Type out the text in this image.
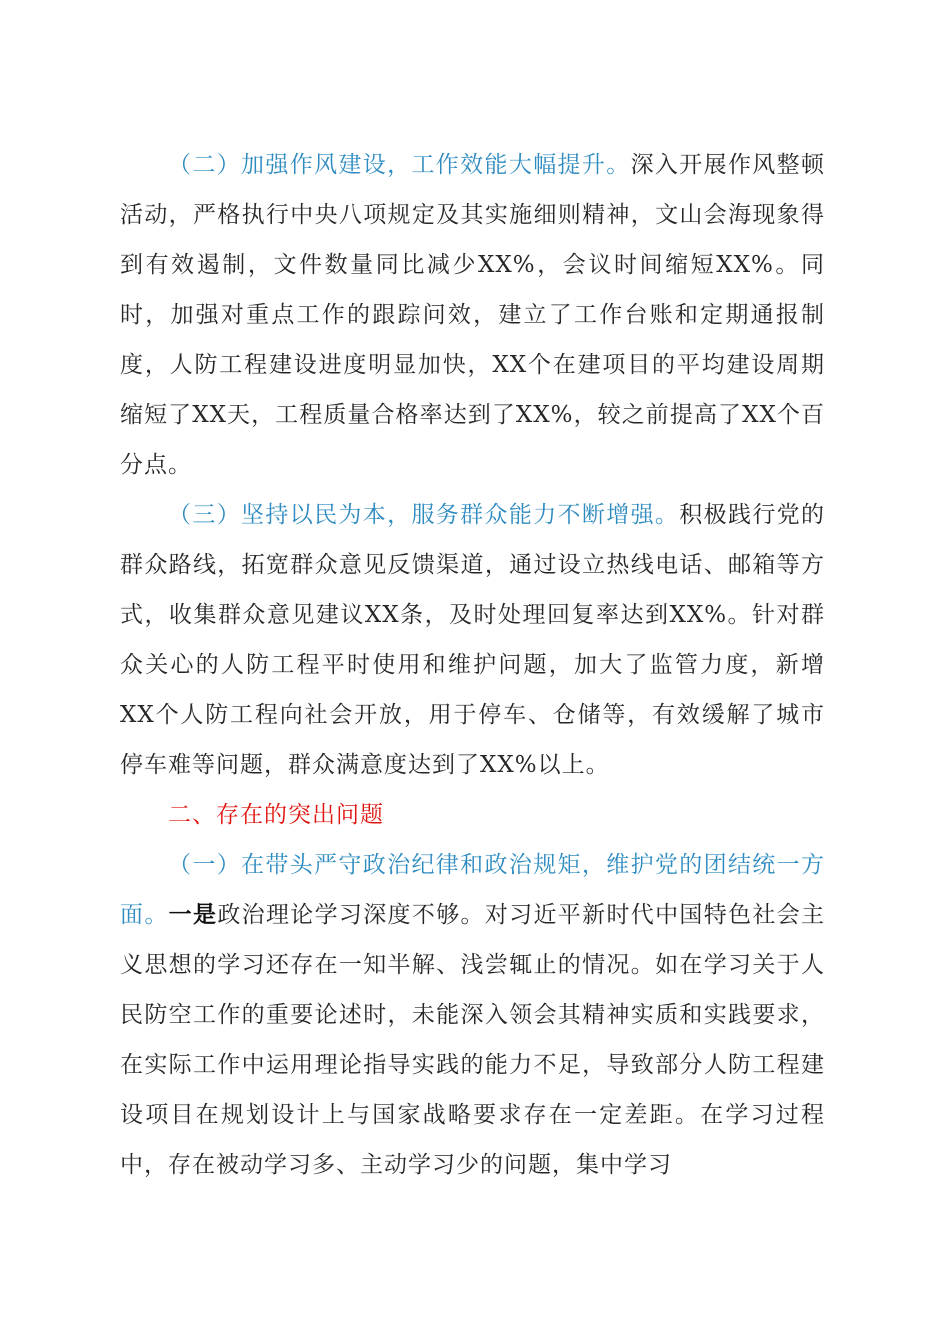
（二）加强作风建设，工作效能大幅提升。深入开展作风整顿活动，严格执行中央八项规定及其实施细则精神，文山会海现象得到有效遏制，文件数量同比减少XX%，会议时间缩短XX%。同时，加强对重点工作的跟踪问效，建立了工作台账和定期通报制度，人防工程建设进度明显加快，XX个在建项目的平均建设周期缩短了XX天，工程质量合格率达到了XX%，较之前提高了XX个百分点。

（三）坚持以民为本，服务群众能力不断增强。积极践行党的群众路线，拓宽群众意见反馈渠道，通过设立热线电话、邮箱等方式，收集群众意见建议XX条，及时处理回复率达到XX%。针对群众关心的人防工程平时使用和维护问题，加大了监管力度，新增XX个人防工程向社会开放，用于停车、仓储等，有效缓解了城市停车难等问题，群众满意度达到了XX%以上。

二、存在的突出问题

（一）在带头严守政治纪律和政治规矩，维护党的团结统一方面。一是政治理论学习深度不够。对习近平新时代中国特色社会主义思想的学习还存在一知半解、浅尝辄止的情况。如在学习关于人民防空工作的重要论述时，未能深入领会其精神实质和实践要求，在实际工作中运用理论指导实践的能力不足，导致部分人防工程建设项目在规划设计上与国家战略要求存在一定差距。在学习过程中，存在被动学习多、主动学习少的问题，集中学习
